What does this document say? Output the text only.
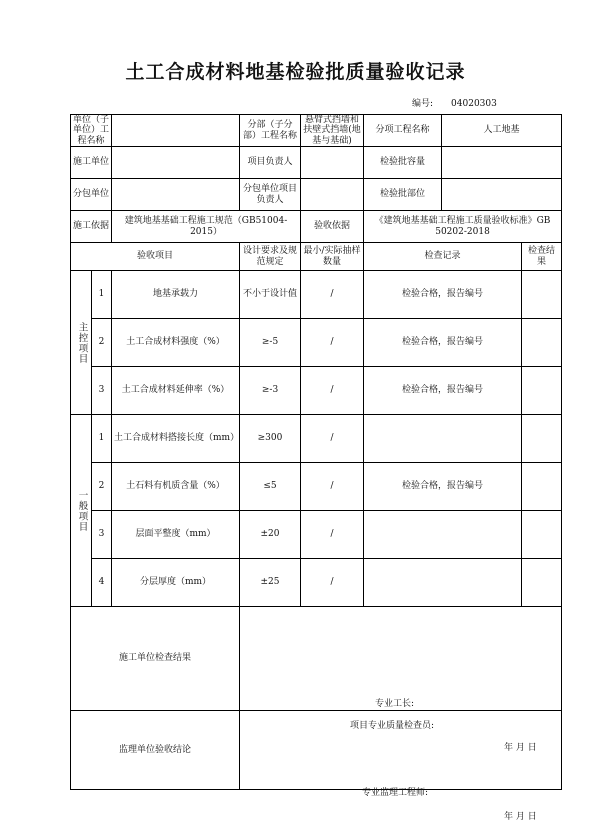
土工合成材料地基检验批质量验收记录
编号: 04020303
单位（子单位）工程名称			分部（子分部）工程名称	悬臂式挡墙和扶壁式挡墙(地基与基础)	分项工程名称	人工地基	
施工单位			项目负责人		检验批容量		
分包单位			分包单位项目负责人		检验批部位		
施工依据		建筑地基基础工程施工规范（GB51004-2015）		验收依据	《建筑地基基础工程施工质量验收标准》GB 50202-2018		
验收项目			设计要求及规范规定	最小/实际抽样数量	检查记录		检查结果

主控项目	1	地基承载力	不小于设计值	/	检验合格，报告编号		
	2	土工合成材料强度（%）	≥-5	/	检验合格，报告编号		
	3	土工合成材料延伸率（%）	≥-3	/	检验合格，报告编号		

一般项目	1	土工合成材料搭接长度（mm）	≥300	/			
	2	土石料有机质含量（%）	≤5	/	检验合格，报告编号		
	3	层面平整度（mm）	±20	/			
	4	分层厚度（mm）	±25	/			
施工单位检查结果			专业工长:
项目专业质量检查员:
年 月 日				

监理单位验收结论			专业监理工程师:
年 月 日				
